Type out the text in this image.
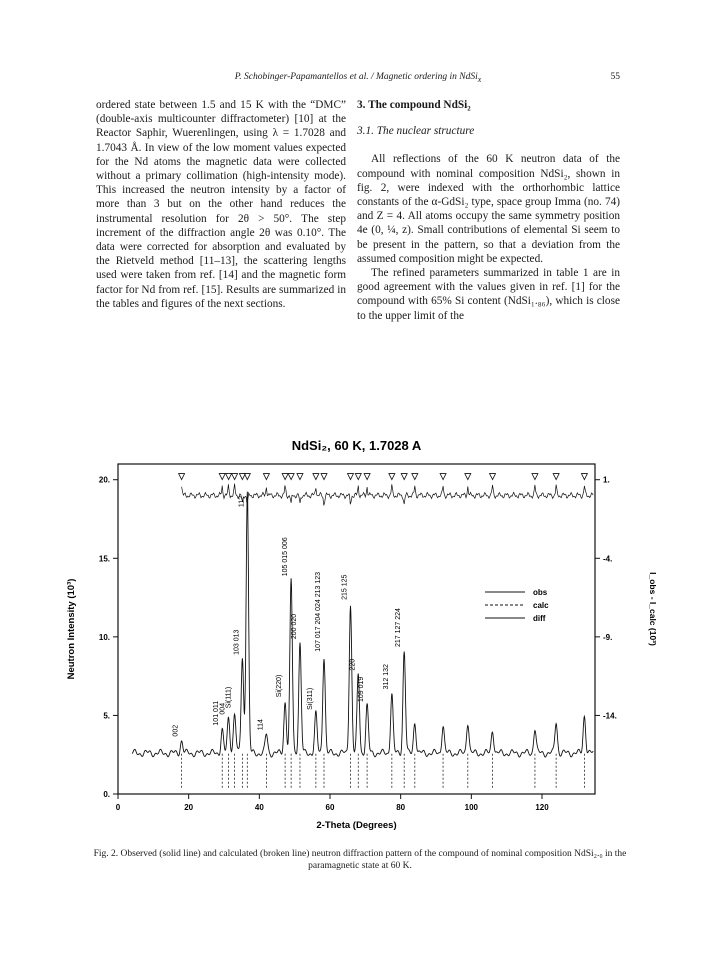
P. Schobinger-Papamantellos et al. / Magnetic ordering in NdSi$_x$	55

ordered state between 1.5 and 15 K with the “DMC” (double-axis multicounter diffractometer) [10] at the Reactor Saphir, Wuerenlingen, using λ = 1.7028 and 1.7043 Å. In view of the low moment values expected for the Nd atoms the magnetic data were collected without a primary collimation (high-intensity mode). This increased the neutron intensity by a factor of more than 3 but on the other hand reduces the instrumental resolution for 2θ > 50°. The step increment of the diffraction angle 2θ was 0.10°. The data were corrected for absorption and evaluated by the Rietveld method [11–13], the scattering lengths used were taken from ref. [14] and the magnetic form factor for Nd from ref. [15]. Results are summarized in the tables and figures of the next sections.

3. The compound NdSi₂

3.1. The nuclear structure

All reflections of the 60 K neutron data of the compound with nominal composition NdSi₂, shown in fig. 2, were indexed with the orthorhombic lattice constants of the α-GdSi₂ type, space group Imma (no. 74) and Z = 4. All atoms occupy the same symmetry position 4e (0, ¼, z). Small contributions of elemental Si seem to be present in the pattern, so that a deviation from the assumed composition might be expected.

The refined parameters summarized in table 1 are in good agreement with the values given in ref. [1] for the compound with 65% Si content (NdSi₁.₈₆), which is close to the upper limit of the

NdSi₂, 60 K, 1.7028 A
0	20	40	60	80	100	120
0.
5.
10.
15.
20.	1.
-4.
-9.
-14.
2-Theta (Degrees)
Neutron Intensity (10³)	I_obs - I_calc (10³)
002
101 011 004
Si(111)
103 013
112
114
Si(220)
105 015 006
200 020
Si(311)
107 017 204 024 213 123	215 125
220
109 019	312 132
217 127 224
obs
calc
diff
Fig. 2. Observed (solid line) and calculated (broken line) neutron diffraction pattern of the compound of nominal composition NdSi₂.₀ in the paramagnetic state at 60 K.
